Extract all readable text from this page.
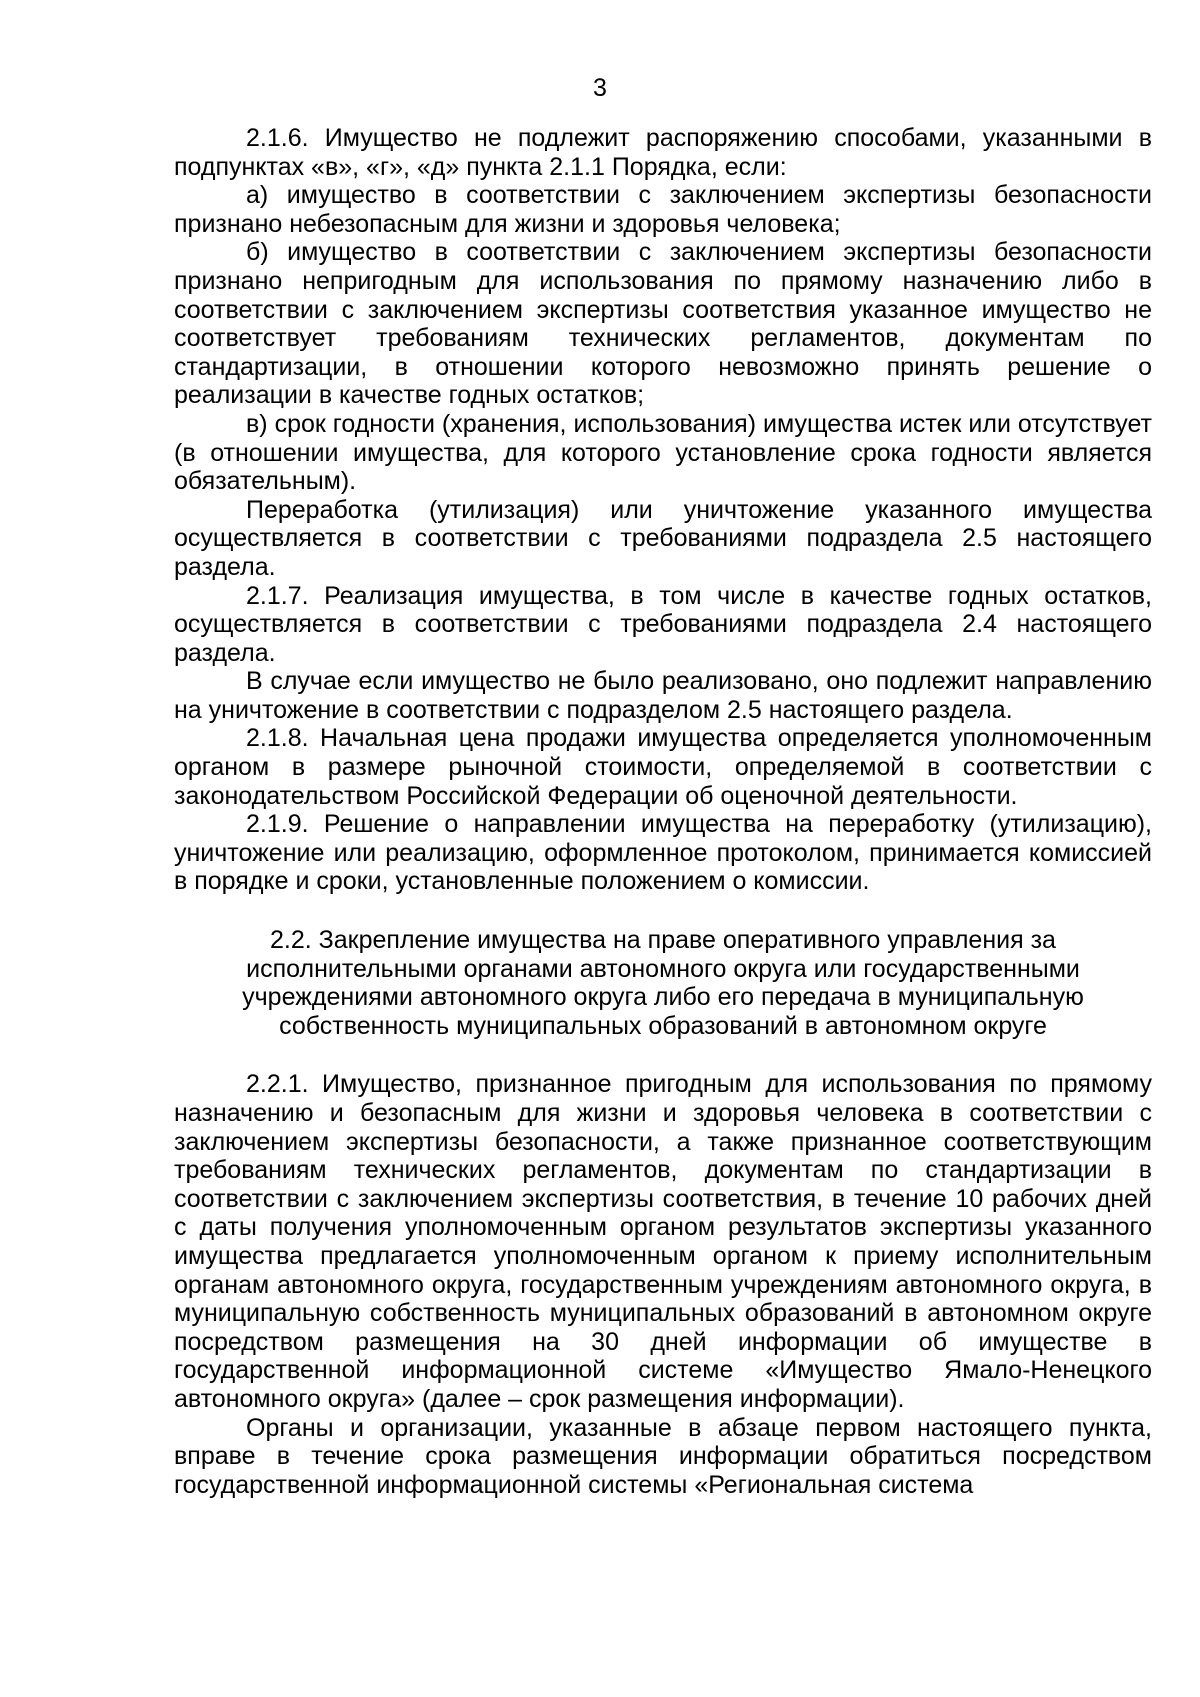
3

2.1.6. Имущество не подлежит распоряжению способами, указанными в подпунктах «в», «г», «д» пункта 2.1.1 Порядка, если:

а) имущество в соответствии с заключением экспертизы безопасности признано небезопасным для жизни и здоровья человека;

б) имущество в соответствии с заключением экспертизы безопасности признано непригодным для использования по прямому назначению либо в соответствии с заключением экспертизы соответствия указанное имущество не соответствует требованиям технических регламентов, документам по стандартизации, в отношении которого невозможно принять решение о реализации в качестве годных остатков;

в) срок годности (хранения, использования) имущества истек или отсутствует (в отношении имущества, для которого установление срока годности является обязательным).

Переработка (утилизация) или уничтожение указанного имущества осуществляется в соответствии с требованиями подраздела 2.5 настоящего раздела.

2.1.7. Реализация имущества, в том числе в качестве годных остатков, осуществляется в соответствии с требованиями подраздела 2.4 настоящего раздела.

В случае если имущество не было реализовано, оно подлежит направлению на уничтожение в соответствии с подразделом 2.5 настоящего раздела.

2.1.8. Начальная цена продажи имущества определяется уполномоченным органом в размере рыночной стоимости, определяемой в соответствии с законодательством Российской Федерации об оценочной деятельности.

2.1.9. Решение о направлении имущества на переработку (утилизацию), уничтожение или реализацию, оформленное протоколом, принимается комиссией в порядке и сроки, установленные положением о комиссии.

2.2. Закрепление имущества на праве оперативного управления за исполнительными органами автономного округа или государственными учреждениями автономного округа либо его передача в муниципальную собственность муниципальных образований в автономном округе

2.2.1. Имущество, признанное пригодным для использования по прямому назначению и безопасным для жизни и здоровья человека в соответствии с заключением экспертизы безопасности, а также признанное соответствующим требованиям технических регламентов, документам по стандартизации в соответствии с заключением экспертизы соответствия, в течение 10 рабочих дней с даты получения уполномоченным органом результатов экспертизы указанного имущества предлагается уполномоченным органом к приему исполнительным органам автономного округа, государственным учреждениям автономного округа, в муниципальную собственность муниципальных образований в автономном округе посредством размещения на 30 дней информации об имуществе в государственной информационной системе «Имущество Ямало-Ненецкого автономного округа» (далее – срок размещения информации).

Органы и организации, указанные в абзаце первом настоящего пункта, вправе в течение срока размещения информации обратиться посредством государственной информационной системы «Региональная система
